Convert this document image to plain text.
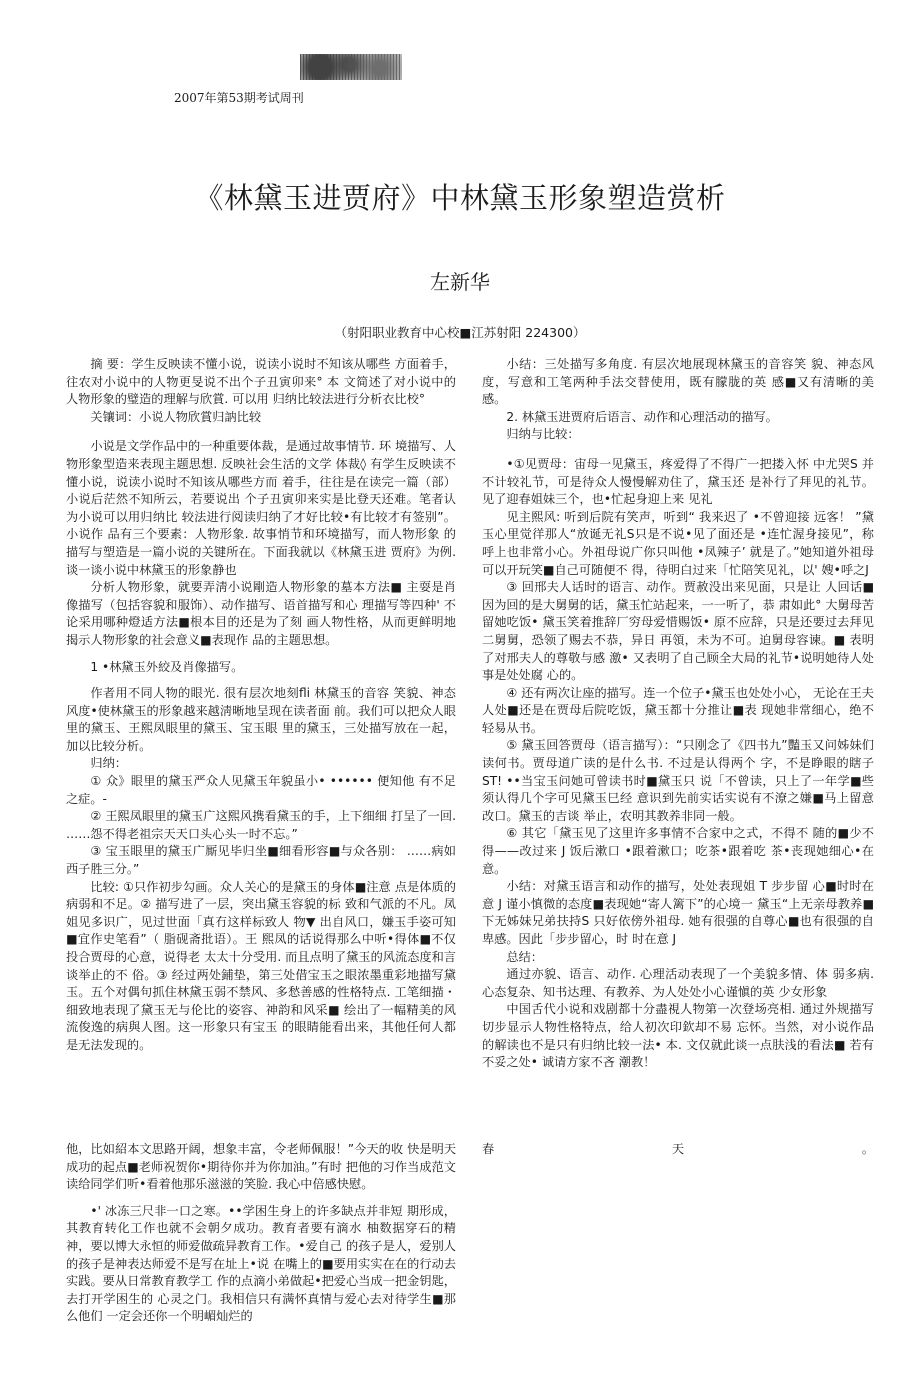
2007年第53期考试周刊
《林黛玉进贾府》中林黛玉形象塑造赏析
左新华
（射阳职业教育中心校■江苏射阳 224300）

摘 要：学生反映读不懂小说，说读小说时不知该从哪些 方面着手，往农对小说中的人物更旻说不出个子丑寅卯来° 本 文简述了对小说中的人物形象的璧造的理解与欣賞. 可以用 归纳比较法进行分析衣比校°

关镶词：小说人物欣賞归訥比较

小说是文学作品中的一种重要体裁，是通过故事情节. 环 境描写、人物形象型造来表现主题思想. 反映社会生活的文学 体裁◊ 有学生反映读不懂小说，说读小说时不知该从哪些方而 着手，往往是在读完一篇（部）小说后茫然不知所云，若要说出 个子丑寅卯来实是比登天还难。笔者认为小说可以用归纳比 较法进行阅读归纳了才好比较•有比较才有签别”。小说作 品有三个要素：人物形象. 故事悄节和环境描写，而人物形象 的描写与塑造是一篇小说的关键所在。下面我就以《林黛玉进 贾府》为例. 谈一谈小说中林黛玉的形象静也

分析人物形象，就要弄淸小说剛造人物形象的墓本方法■ 主耍是肖像描写（包括容貌和服饰）、动作描写、语首描写和心 理描写等四种' 不论采用哪种燈适方法■根本目的还是为了刻 画人物性格，从而更鲜明地揭示人物形象的社会意义■表现作 品的主题思想。

1 •林黛玉外絞及肖像描写。

作者用不同人物的眼光. 很有层次地刻fli 林黛玉的音容 笑貌、神态风度•使林黛玉的形象越来越淸晰地呈现在读者面 前。我们可以把众人眼里的黛玉、王熙凤眼里的黛玉、宝玉眼 里的黛玉，三处描写放在一起，加以比较分析。

归纳：

① 众》眼里的黛玉严众人见黛玉年貌虽小• •••••• 便知他 有不足之症。-

② 王熙凤眼里的黛玉广这熙风携看黛玉的手，上下细细 打呈了一回. ……怨不得老祖宗天天口头心头一时不忘。”

③ 宝玉眼里的黛玉广厮见毕归坐■细看形容■与众各别： ……病如西子胜三分。”

比较: ①只作初步勾画。众人关心的是黛玉的身体■注意 点是体质的病弱和不足。② 描写进了一层，突出黛玉容貌的标 致和气派的不凡。凤姐见多识广，见过世面「真冇这样标致人 物▼ 出自风口，嫌玉手姿可知■宜作史笔看”（ 脂砚斋批语）。王 熙凤的话说得那么中听•得体■不仅投合贾母的心意，说得老 太太十分受用. 而且点明了黛玉的风流态度和言谈举止的不 俗。③ 经过两处鋪垫，第三处借宝玉之眼浓墨重彩地描写黛 玉。五个对偶句抓住林黛玉弱不禁风、多愁善感的性格特点. 工笔细描・细致地表现了黛玉无与伦比的姿容、神韵和风采■ 绘出了一幅精美的风流俊逸的病與人图。这一形象只有宝玉 的眼睛能看出来，其他任何人都是无法发现的。

小结：三处描写多角度. 有层次地展现林黛玉的音容笑 貌、神态风度，写意和工笔两种手法交替使用，既有朦胧的英 感■又有清晰的美感。

2. 林黛玉进贾府后语言、动作和心理活动的描写。

归纳与比较：

•①见贾母：宙母一见黛玉，疼爱得了不得广一把搂入怀 中尤哭S 并不计较礼节，可是待众人慢慢解劝住了，黛玉还 是补行了拜见的礼节。见了迎春姐妹三个，也•忙起身迎上来 见礼

见主熙风: 听到后院有笑声，听到“ 我来迟了 •不曾迎接 远客！ ”黛玉心里觉徉那人“放诞无礼S只是不说•见了面还是 •连忙渥身接见”，称呼上也非常小心。外祖母说广你只叫他 •凤辣子’ 就是了。”她知道外祖母可以开玩笑■自己可随便不 得，待明白过来「忙陪笑见礼，以' 嫂•呼之J

③ 回邢夫人话时的语言、动作。贾赦没出来见面，只是让 人回话■因为回的是大舅舅的话，黛玉忙站起来，一一听了，恭 肃如此° 大舅母苦留她吃饭• 黛玉笑着推辞厂穷母爱惜赐饭• 原不应辞，只是还要过去拜见二舅舅，恐领了赐去不恭，异日 再領，未为不可。迫舅母容谏。■ 表明了对邢夫人的尊敬与感 激• 又表明了自己顾全大局的礼节•说明她待人处事是处处腐 心的。

④ 还有两次让座的描写。连一个位子•黛玉也处处小心， 无论在王夫人处■还是在贾母后院吃饭，黛玉都十分推让■表 现她非常细心，绝不轻易从书。

⑤ 黛玉回答贾母（语言描写）：“只刚念了《四书九”豔玉又问姊妹们读何书。贾母道广读的是什么书. 不过是认得两个 字，不是睁眼的瞎子ST! ••当宝玉问她可曾读书时■黛玉只 说「不曾读，只上了一年学■些须认得几个字可见黛玉巳经 意识到先前实话实说有不潦之嫌■马上留意改口。黛玉的吉谈 举止，农明其教养非同一般。

⑥ 其它「黛玉见了这里许多事情不合家中之式，不得不 随的■少不得——改过来 J 饭后漱口 •跟着漱口；吃茶•跟着吃 茶•丧现她细心•在意。

小结：对黛玉语言和动作的描写，处处表现姐 T 步步留 心■时时在意 J 谨小慎微的态度■表现她“寄人篱下”的心境一 黛玉“上无亲母教养■下无姊妹兄弟扶持S 只好依傍外祖母. 她有很强的自尊心■也有很强的自卑感。因此「步步留心，时 时在意 J

总结：

通过亦貌、语言、动作. 心理活动表现了一个美貌多情、体 弱多病. 心态复杂、知书达理、有教养、为人处处小心谨愼的英 少女形象

中国舌代小说和戏剧都十分盡視人物第一次登场亮相. 通过外规描写切步显示人物性格特点，给人初次印欽却不易 忘怀。当然，对小说作品的解读也不是只有归纳比较一法• 本. 文仅就此谈一点肤浅的看法■ 若有不妥之处• 诚请方家不吝 潮教！

他，比如紹本文思路开阔，想象丰富，令老师佩服！”今天的收 快是明天成功的起点■老师祝贺你•期待你并为你加油。”有时 把他的习作当成范文读给同学们听•看着他那乐滋滋的笑脸. 我心中倍感快慰。

•' 冰冻三尺非一口之寒。••学困生身上的许多缺点并非短 期形成，其教育转化工作也就不会朝夕成功。教育者要有滴水 柚数据穿石的精神，要以博大永恒的师爱做疏异教育工作。•爱自己 的孩子是人，爱别人的孩子是神表达师爱不是写在址上•说 在嘴上的■要用实实在在的行动去实践。要从日常教育教学工 作的点滴小弟做起•把爱心当成一把金钥匙，去打开学困生的 心灵之门。我相信只有满怀真情与爱心去对待学生■那么他们 一定会还你一个明嵋灿烂的

春	天	。
